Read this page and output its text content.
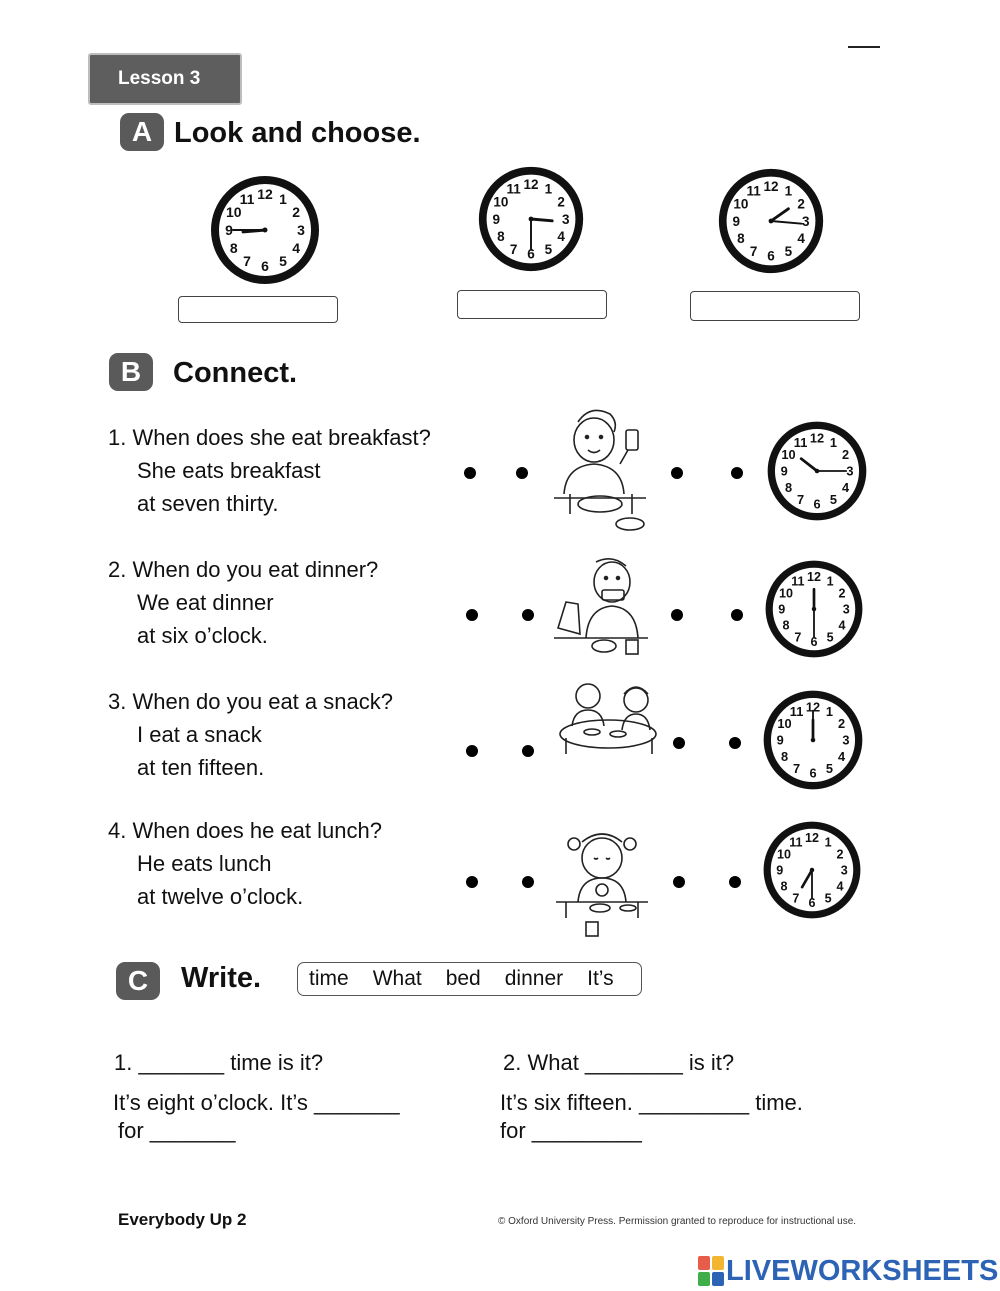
Lesson 3
A Look and choose.
1
2
3
4
5
6
7
8
9
10
11 12	1
2
3
4
5
6
7
8
9
10
11 12	1
2
3
4
5
6
7
8
9
10
11 12
B	Connect.
1. When does she eat breakfast?
She eats breakfast
at seven thirty.
2. When do you eat dinner?
We eat dinner
at six o’clock.
3. When do you eat a snack?
I eat a snack
at ten fifteen.
4. When does he eat lunch?
He eats lunch
at twelve o’clock.
1
2
3
4
5
6
7
8
9
10
11 12
1
2
3
4
5
6
7
8
9
10
11 12
1
2
3
4
5
6
7
8
9
10
11 12
1
2
3
4
5
6
7
8
9
10
11 12
C	Write. time What bed dinner It’s
1. _______ time is it?
It’s eight o’clock. It’s _______
for _______
2. What ________ is it?
It’s six fifteen. _________ time.
for _________
Everybody Up 2	© Oxford University Press. Permission granted to reproduce for instructional use.
LIVEWORKSHEETS
